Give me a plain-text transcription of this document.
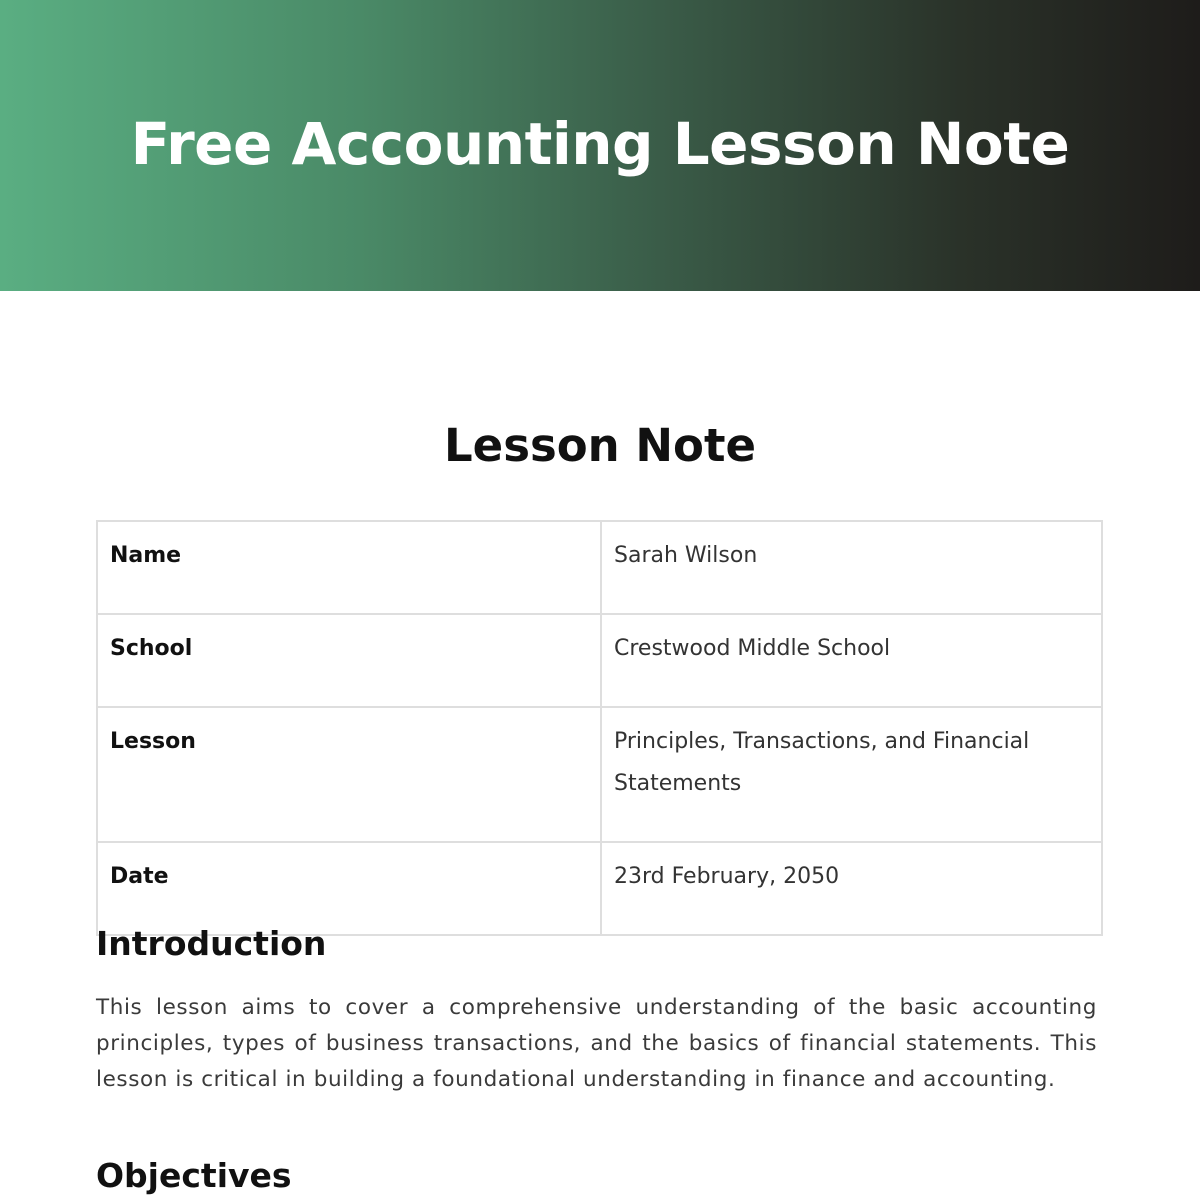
Free Accounting Lesson Note
Lesson Note
Name	Sarah Wilson
School	Crestwood Middle School
Lesson	Principles, Transactions, and Financial Statements
Date	23rd February, 2050
Introduction

This lesson aims to cover a comprehensive understanding of the basic accounting principles, types of business transactions, and the basics of financial statements. This lesson is critical in building a foundational understanding in finance and accounting.

Objectives
